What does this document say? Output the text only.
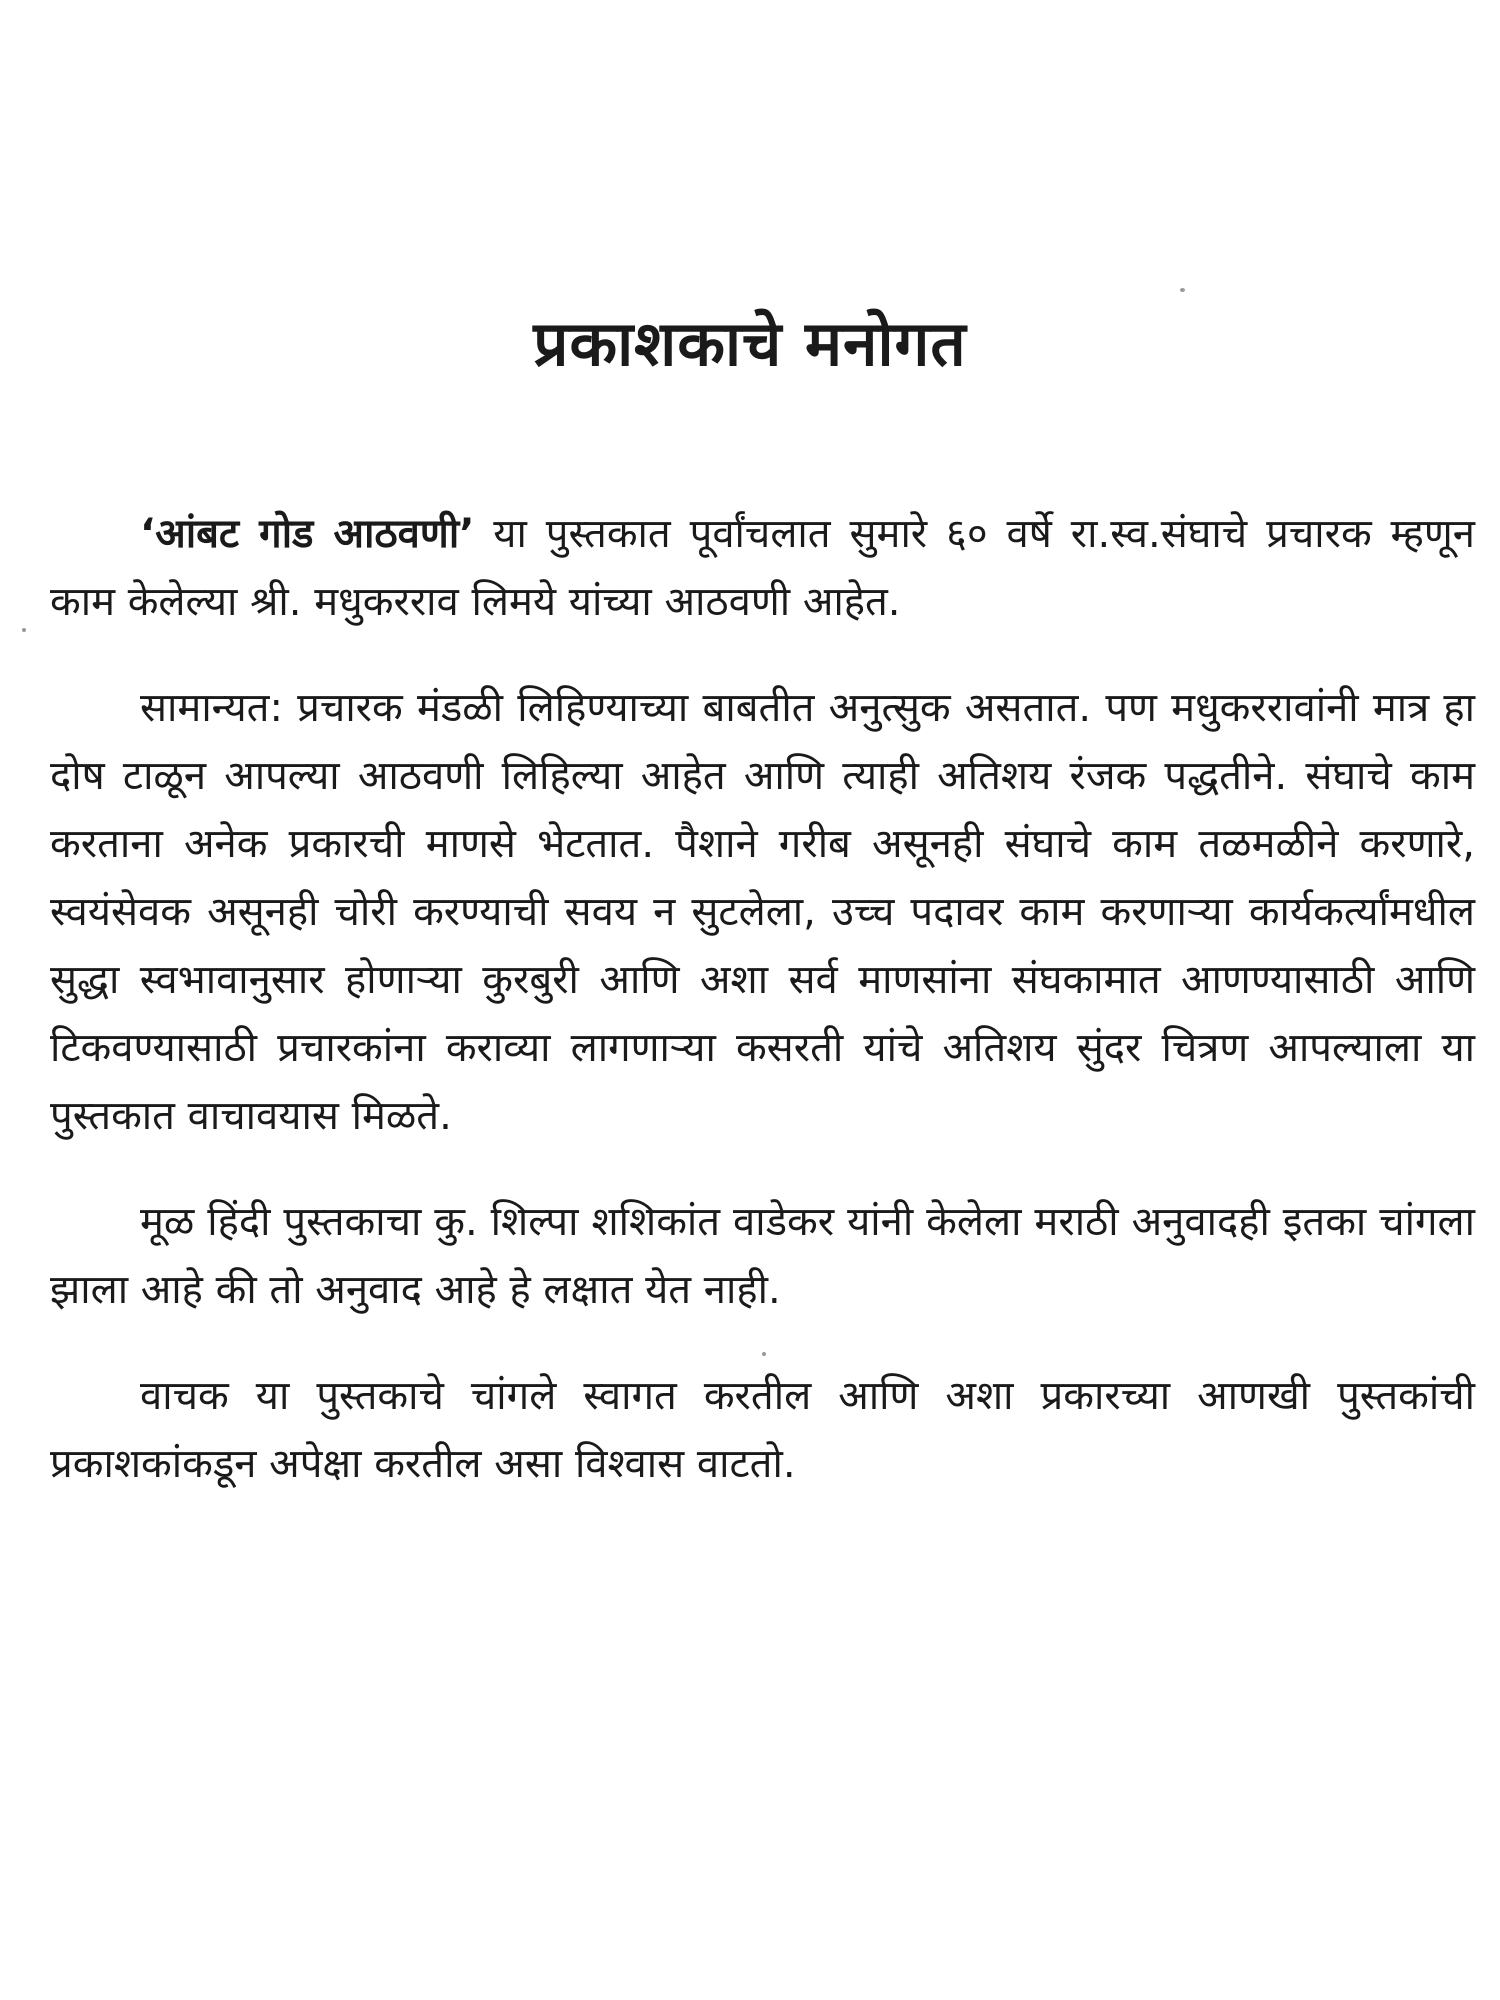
प्रकाशकाचे मनोगत

‘आंबट गोड आठवणी’ या पुस्तकात पूर्वांचलात सुमारे ६० वर्षे रा.स्व.संघाचे प्रचारक म्हणून काम केलेल्या श्री. मधुकरराव लिमये यांच्या आठवणी आहेत.

सामान्यत: प्रचारक मंडळी लिहिण्याच्या बाबतीत अनुत्सुक असतात. पण मधुकररावांनी मात्र हा दोष टाळून आपल्या आठवणी लिहिल्या आहेत आणि त्याही अतिशय रंजक पद्धतीने. संघाचे काम करताना अनेक प्रकारची माणसे भेटतात. पैशाने गरीब असूनही संघाचे काम तळमळीने करणारे, स्वयंसेवक असूनही चोरी करण्याची सवय न सुटलेला, उच्च पदावर काम करणाऱ्या कार्यकर्त्यांमधील सुद्धा स्वभावानुसार होणाऱ्या कुरबुरी आणि अशा सर्व माणसांना संघकामात आणण्यासाठी आणि टिकवण्यासाठी प्रचारकांना कराव्या लागणाऱ्या कसरती यांचे अतिशय सुंदर चित्रण आपल्याला या पुस्तकात वाचावयास मिळते.

मूळ हिंदी पुस्तकाचा कु. शिल्पा शशिकांत वाडेकर यांनी केलेला मराठी अनुवादही इतका चांगला झाला आहे की तो अनुवाद आहे हे लक्षात येत नाही.

वाचक या पुस्तकाचे चांगले स्वागत करतील आणि अशा प्रकारच्या आणखी पुस्तकांची प्रकाशकांकडून अपेक्षा करतील असा विश्वास वाटतो.
